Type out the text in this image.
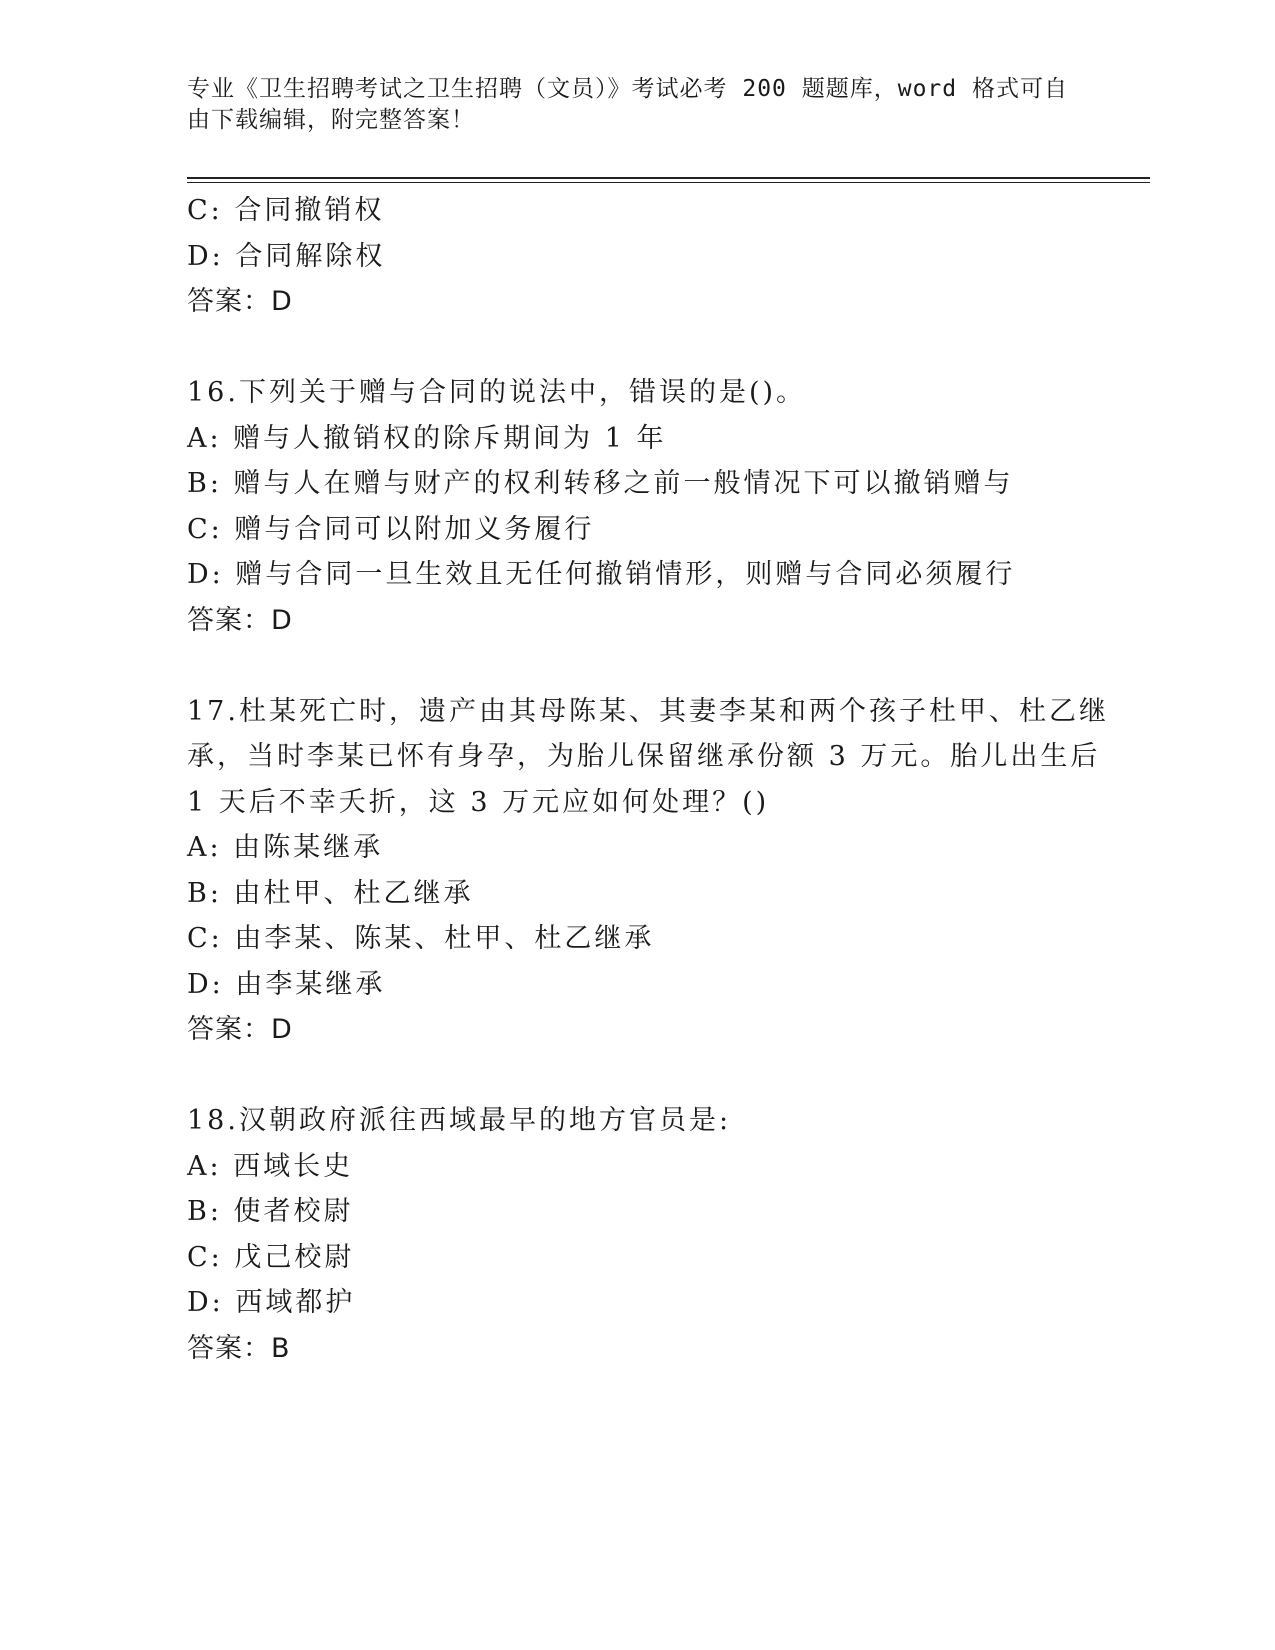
专业《卫生招聘考试之卫生招聘（文员）》考试必考 200 题题库，word 格式可自
由下载编辑，附完整答案！
C: 合同撤销权
D: 合同解除权
答案：D
16.下列关于赠与合同的说法中，错误的是()。
A: 赠与人撤销权的除斥期间为 1 年
B: 赠与人在赠与财产的权利转移之前一般情况下可以撤销赠与
C: 赠与合同可以附加义务履行
D: 赠与合同一旦生效且无任何撤销情形，则赠与合同必须履行
答案：D
17.杜某死亡时，遗产由其母陈某、其妻李某和两个孩子杜甲、杜乙继
承，当时李某已怀有身孕，为胎儿保留继承份额 3 万元。胎儿出生后
1 天后不幸夭折，这 3 万元应如何处理？()
A: 由陈某继承
B: 由杜甲、杜乙继承
C: 由李某、陈某、杜甲、杜乙继承
D: 由李某继承
答案：D
18.汉朝政府派往西域最早的地方官员是:
A: 西域长史
B: 使者校尉
C: 戊己校尉
D: 西域都护
答案：B
